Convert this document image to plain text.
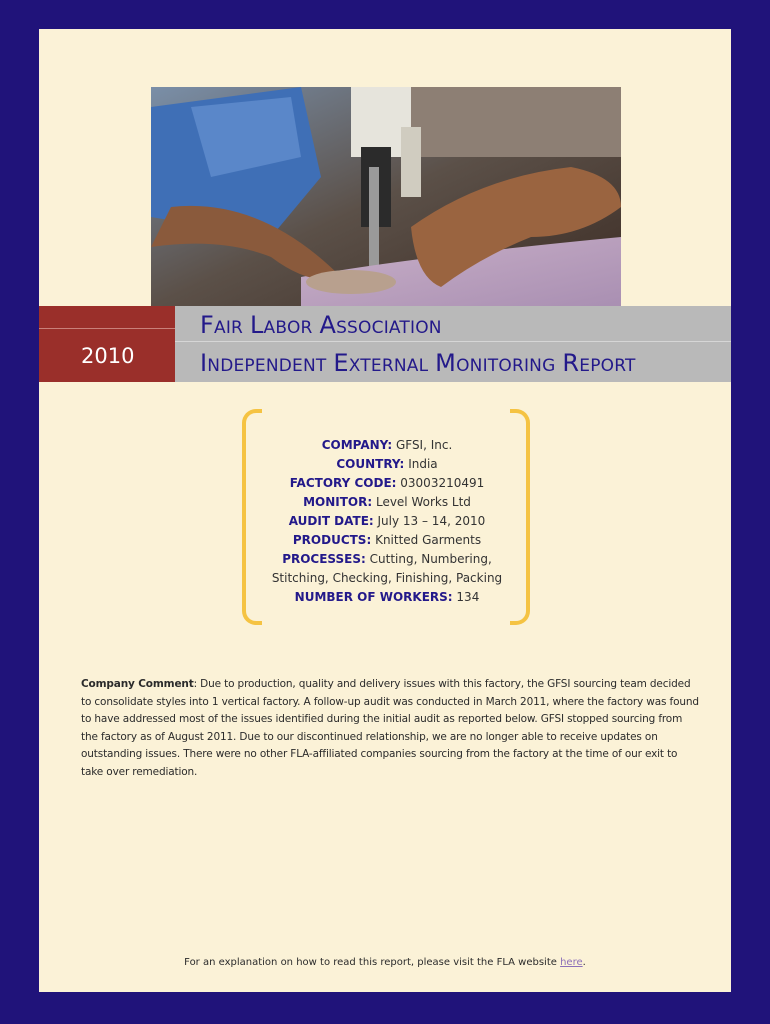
2010
FAIR LABOR ASSOCIATION
INDEPENDENT EXTERNAL MONITORING REPORT
COMPANY: GFSI, Inc.
COUNTRY: India
FACTORY CODE: 03003210491
MONITOR: Level Works Ltd
AUDIT DATE: July 13 – 14, 2010
PRODUCTS: Knitted Garments
PROCESSES: Cutting, Numbering,
Stitching, Checking, Finishing, Packing
NUMBER OF WORKERS: 134
Company Comment: Due to production, quality and delivery issues with this factory, the GFSI sourcing team decided to consolidate styles into 1 vertical factory. A follow-up audit was conducted in March 2011, where the factory was found to have addressed most of the issues identified during the initial audit as reported below. GFSI stopped sourcing from the factory as of August 2011. Due to our discontinued relationship, we are no longer able to receive updates on outstanding issues. There were no other FLA-affiliated companies sourcing from the factory at the time of our exit to take over remediation.
For an explanation on how to read this report, please visit the FLA website here.
